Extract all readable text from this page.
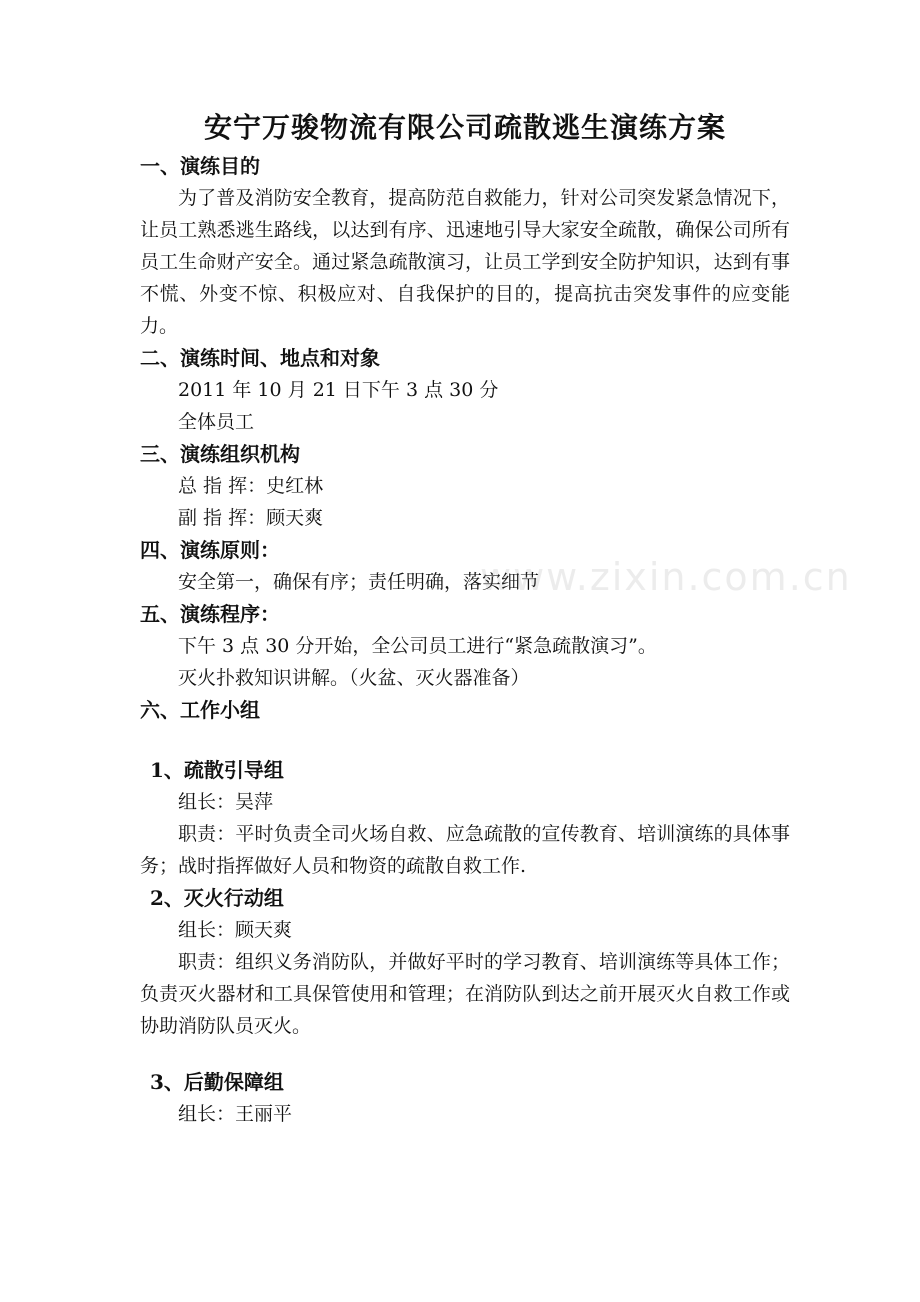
安宁万骏物流有限公司疏散逃生演练方案
一、演练目的
为了普及消防安全教育，提高防范自救能力，针对公司突发紧急情况下，让员工熟悉逃生路线，以达到有序、迅速地引导大家安全疏散，确保公司所有员工生命财产安全。通过紧急疏散演习，让员工学到安全防护知识，达到有事不慌、外变不惊、积极应对、自我保护的目的，提高抗击突发事件的应变能力。
二、演练时间、地点和对象
2011 年 10 月 21 日下午 3 点 30 分
全体员工
三、演练组织机构
总 指 挥：史红林
副 指 挥：顾天爽
四、演练原则：
安全第一，确保有序；责任明确，落实细节
五、演练程序：
下午 3 点 30 分开始，全公司员工进行“紧急疏散演习”。
灭火扑救知识讲解。（火盆、灭火器准备）
六、工作小组
1、疏散引导组
组长：吴萍
职责：平时负责全司火场自救、应急疏散的宣传教育、培训演练的具体事务；战时指挥做好人员和物资的疏散自救工作.
2、灭火行动组
组长：顾天爽
职责：组织义务消防队，并做好平时的学习教育、培训演练等具体工作；负责灭火器材和工具保管使用和管理；在消防队到达之前开展灭火自救工作或协助消防队员灭火。
3、后勤保障组
组长：王丽平
www.zixin.com.cn
